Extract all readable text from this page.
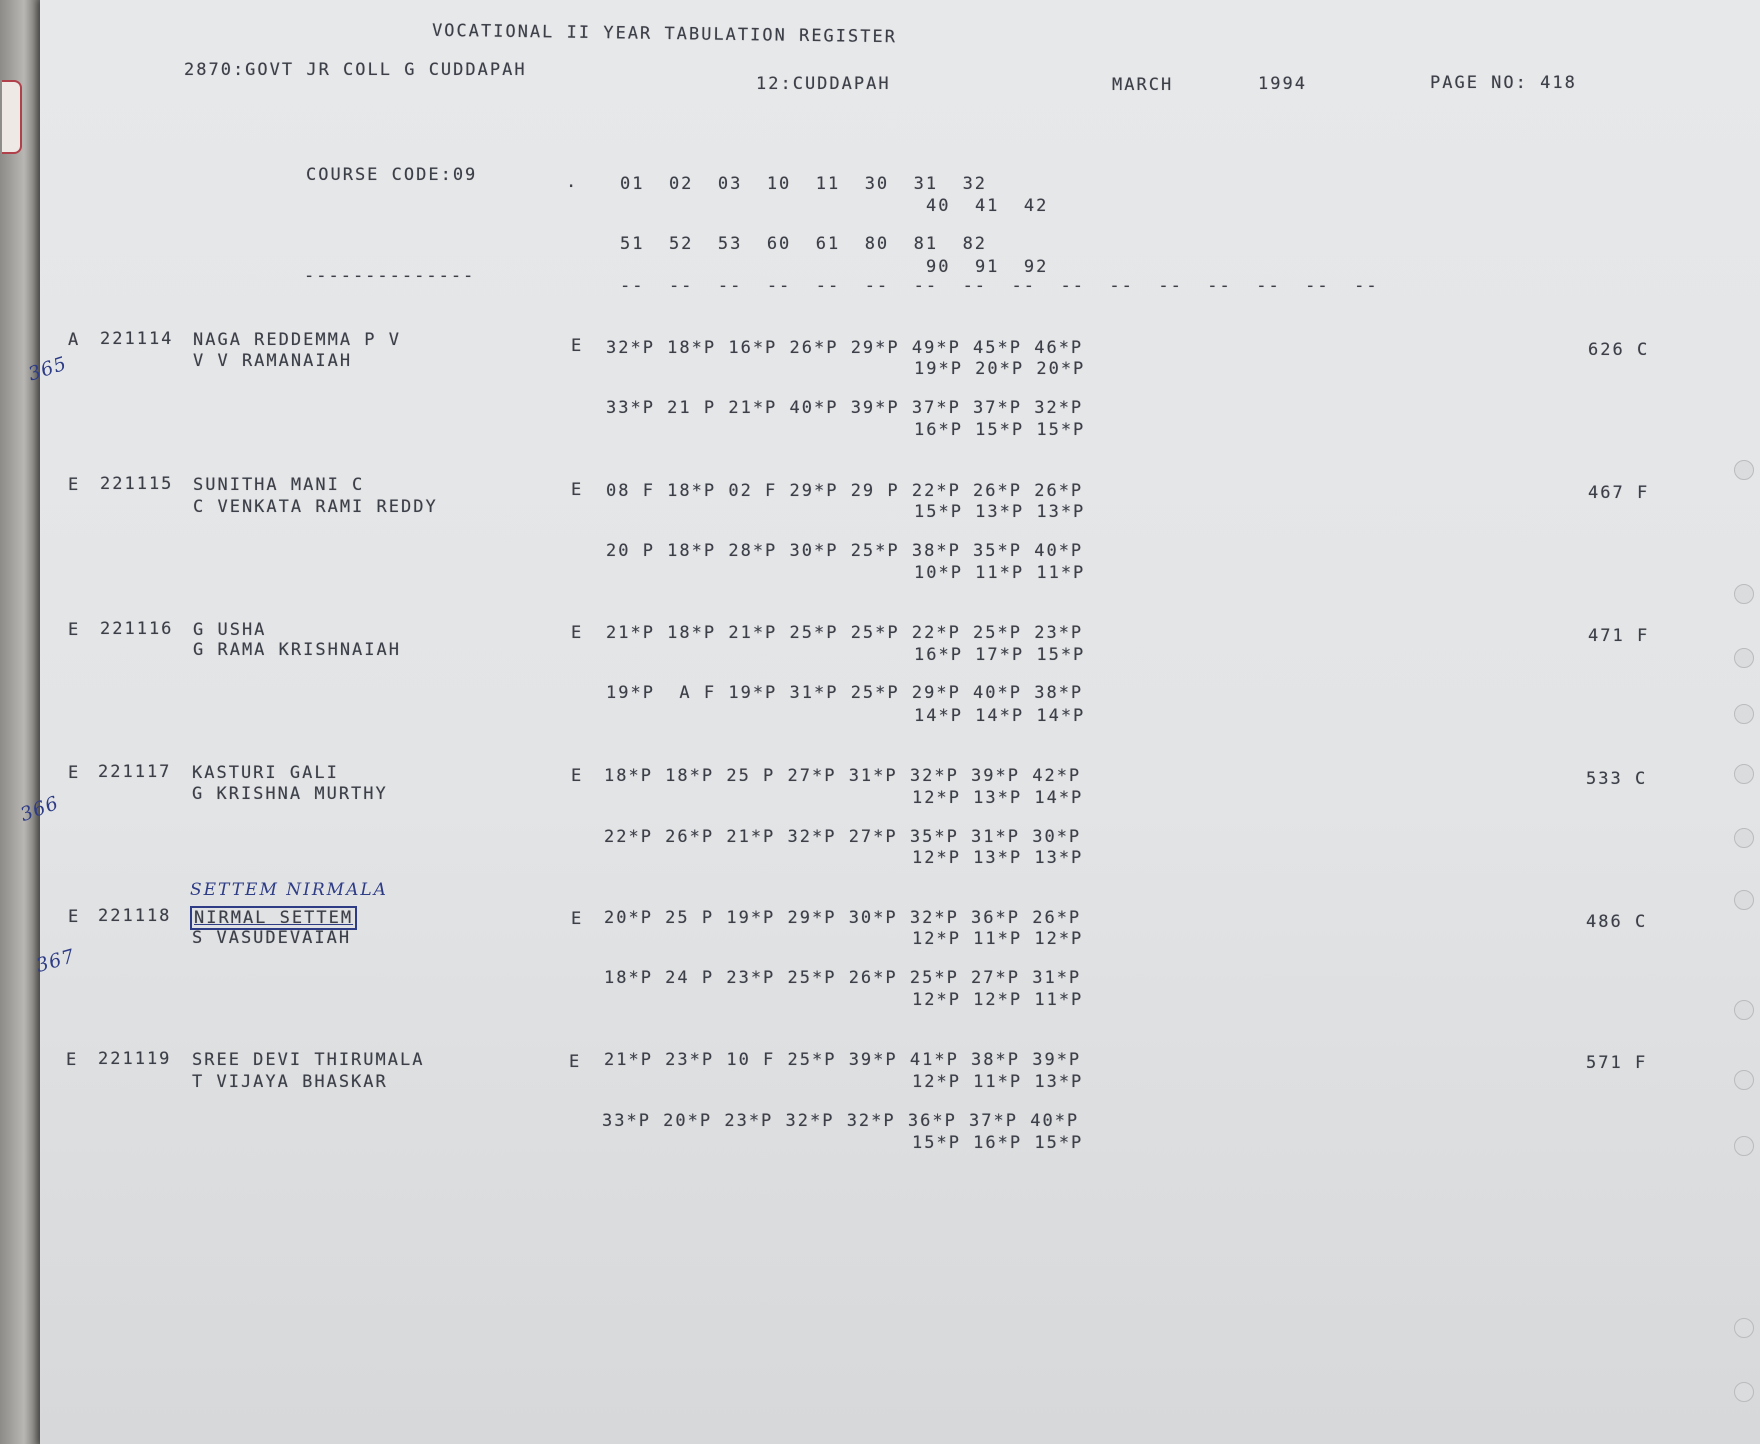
VOCATIONAL II YEAR TABULATION REGISTER
2870:GOVT JR COLL G CUDDAPAH
12:CUDDAPAH	MARCH	1994	PAGE NO: 418
COURSE CODE:09	. 01  02  03  10  11  30  31  32
40  41  42
51  52  53  60  61  80  81  82
90  91  92
--------------	--  --  --  --  --  --  --  --  --  --  --  --  --  --  --  --
A 221114 NAGA REDDEMMA P V
V V RAMANAIAH
E 32*P 18*P 16*P 26*P 29*P 49*P 45*P 46*P
19*P 20*P 20*P
33*P 21 P 21*P 40*P 39*P 37*P 37*P 32*P
16*P 15*P 15*P
626 C
365
E 221115 SUNITHA MANI C
C VENKATA RAMI REDDY
E 08 F 18*P 02 F 29*P 29 P 22*P 26*P 26*P
15*P 13*P 13*P
20 P 18*P 28*P 30*P 25*P 38*P 35*P 40*P
10*P 11*P 11*P
467 F
E 221116 G USHA
G RAMA KRISHNAIAH
E 21*P 18*P 21*P 25*P 25*P 22*P 25*P 23*P
16*P 17*P 15*P
19*P  A F 19*P 31*P 25*P 29*P 40*P 38*P
14*P 14*P 14*P
471 F
E 221117 KASTURI GALI
G KRISHNA MURTHY
E 18*P 18*P 25 P 27*P 31*P 32*P 39*P 42*P
12*P 13*P 14*P
22*P 26*P 21*P 32*P 27*P 35*P 31*P 30*P
12*P 13*P 13*P
533 C
366
SETTEM NIRMALA
E 221118 NIRMAL SETTEM
S VASUDEVAIAH
E 20*P 25 P 19*P 29*P 30*P 32*P 36*P 26*P
12*P 11*P 12*P
18*P 24 P 23*P 25*P 26*P 25*P 27*P 31*P
12*P 12*P 11*P
486 C
367
E 221119 SREE DEVI THIRUMALA
T VIJAYA BHASKAR
E 21*P 23*P 10 F 25*P 39*P 41*P 38*P 39*P
12*P 11*P 13*P
33*P 20*P 23*P 32*P 32*P 36*P 37*P 40*P
15*P 16*P 15*P
571 F
